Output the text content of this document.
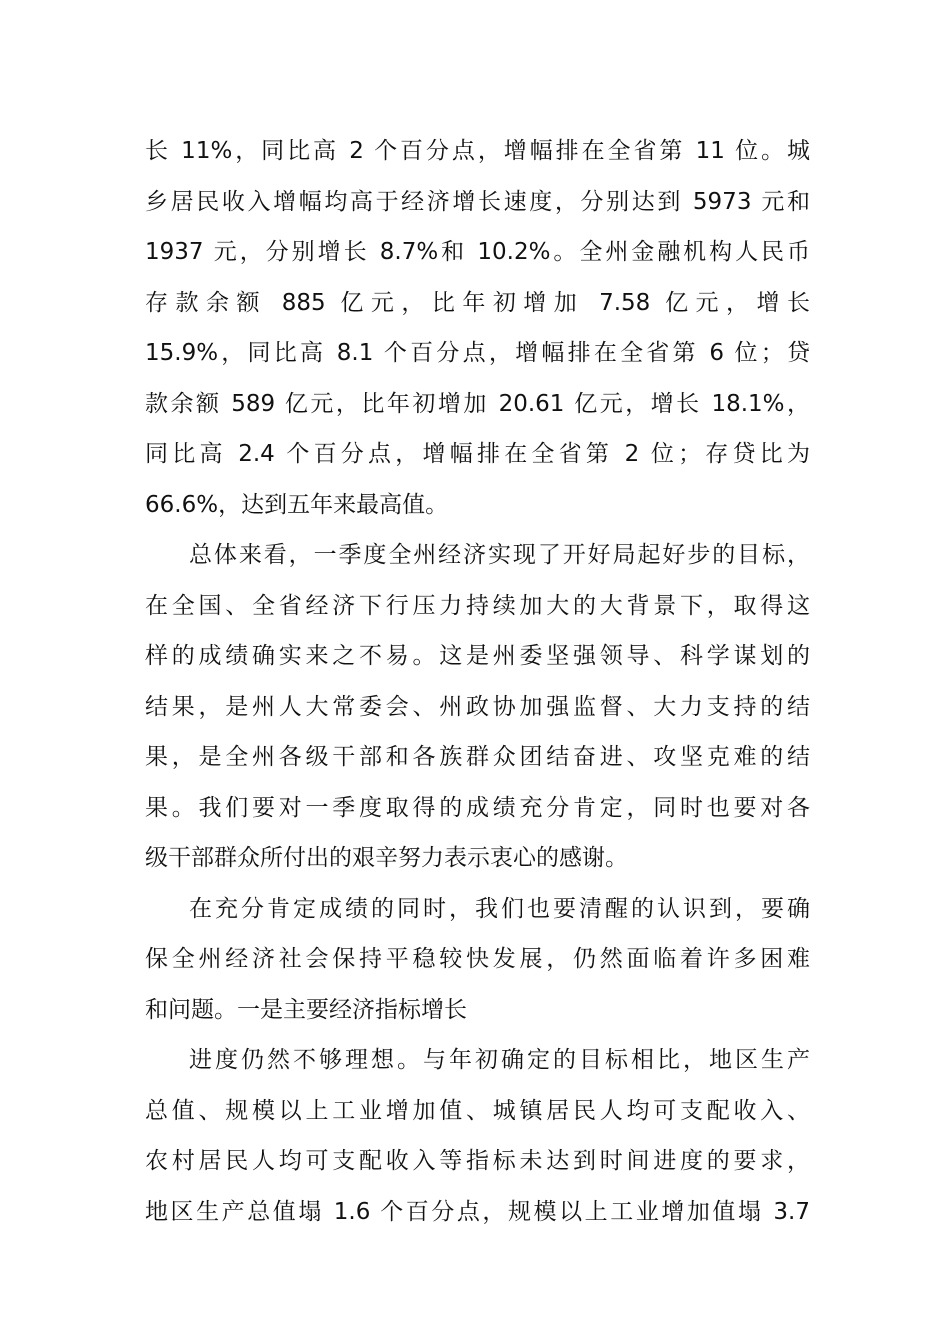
长 11%，同比高 2 个百分点，增幅排在全省第 11 位。城
乡居民收入增幅均高于经济增长速度，分别达到 5973 元和
1937 元，分别增长 8.7%和 10.2%。全州金融机构人民币
存款余额 885 亿元，比年初增加 7.58 亿元，增长
15.9%，同比高 8.1 个百分点，增幅排在全省第 6 位；贷
款余额 589 亿元，比年初增加 20.61 亿元，增长 18.1%，
同比高 2.4 个百分点，增幅排在全省第 2 位；存贷比为
66.6%，达到五年来最高值。
总体来看，一季度全州经济实现了开好局起好步的目标，
在全国、全省经济下行压力持续加大的大背景下，取得这
样的成绩确实来之不易。这是州委坚强领导、科学谋划的
结果，是州人大常委会、州政协加强监督、大力支持的结
果，是全州各级干部和各族群众团结奋进、攻坚克难的结
果。我们要对一季度取得的成绩充分肯定，同时也要对各
级干部群众所付出的艰辛努力表示衷心的感谢。
在充分肯定成绩的同时，我们也要清醒的认识到，要确
保全州经济社会保持平稳较快发展，仍然面临着许多困难
和问题。一是主要经济指标增长
进度仍然不够理想。与年初确定的目标相比，地区生产
总值、规模以上工业增加值、城镇居民人均可支配收入、
农村居民人均可支配收入等指标未达到时间进度的要求，
地区生产总值塌 1.6 个百分点，规模以上工业增加值塌 3.7
